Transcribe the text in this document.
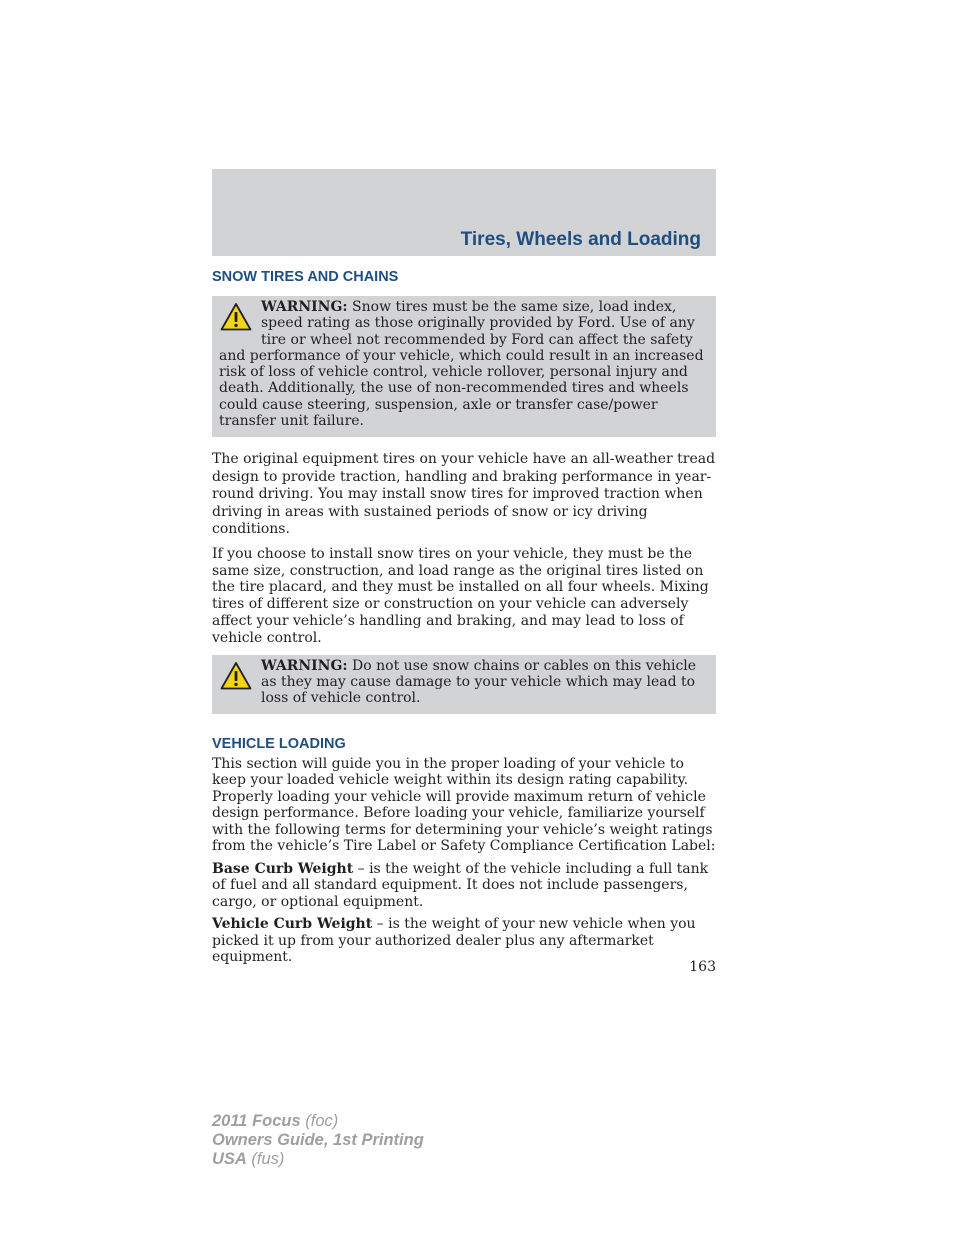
Tires, Wheels and Loading
SNOW TIRES AND CHAINS
WARNING: Snow tires must be the same size, load index, speed rating as those originally provided by Ford. Use of any tire or wheel not recommended by Ford can affect the safety and performance of your vehicle, which could result in an increased risk of loss of vehicle control, vehicle rollover, personal injury and death. Additionally, the use of non-recommended tires and wheels could cause steering, suspension, axle or transfer case/power transfer unit failure.

The original equipment tires on your vehicle have an all-weather tread design to provide traction, handling and braking performance in year-round driving. You may install snow tires for improved traction when driving in areas with sustained periods of snow or icy driving conditions.

If you choose to install snow tires on your vehicle, they must be the same size, construction, and load range as the original tires listed on the tire placard, and they must be installed on all four wheels. Mixing tires of different size or construction on your vehicle can adversely affect your vehicle’s handling and braking, and may lead to loss of vehicle control.

WARNING: Do not use snow chains or cables on this vehicle as they may cause damage to your vehicle which may lead to loss of vehicle control.
VEHICLE LOADING

This section will guide you in the proper loading of your vehicle to keep your loaded vehicle weight within its design rating capability. Properly loading your vehicle will provide maximum return of vehicle design performance. Before loading your vehicle, familiarize yourself with the following terms for determining your vehicle’s weight ratings from the vehicle’s Tire Label or Safety Compliance Certification Label:

Base Curb Weight – is the weight of the vehicle including a full tank of fuel and all standard equipment. It does not include passengers, cargo, or optional equipment.

Vehicle Curb Weight – is the weight of your new vehicle when you picked it up from your authorized dealer plus any aftermarket equipment.

163
2011 Focus (foc)
Owners Guide, 1st Printing
USA (fus)
